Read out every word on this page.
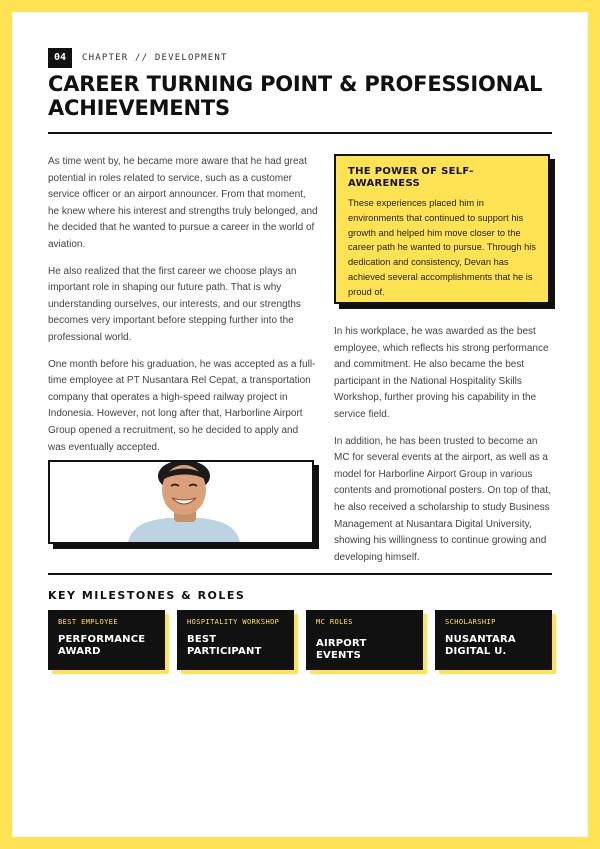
04	CHAPTER // DEVELOPMENT
CAREER TURNING POINT & PROFESSIONAL ACHIEVEMENTS

As time went by, he became more aware that he had great potential in roles related to service, such as a customer service officer or an airport announcer. From that moment, he knew where his interest and strengths truly belonged, and he decided that he wanted to pursue a career in the world of aviation.

He also realized that the first career we choose plays an important role in shaping our future path. That is why understanding ourselves, our interests, and our strengths becomes very important before stepping further into the professional world.

One month before his graduation, he was accepted as a full-time employee at PT Nusantara Rel Cepat, a transportation company that operates a high-speed railway project in Indonesia. However, not long after that, Harborline Airport Group opened a recruitment, so he decided to apply and was eventually accepted.

THE POWER OF SELF-AWARENESS

These experiences placed him in environments that continued to support his growth and helped him move closer to the career path he wanted to pursue. Through his dedication and consistency, Devan has achieved several accomplishments that he is proud of.

In his workplace, he was awarded as the best employee, which reflects his strong performance and commitment. He also became the best participant in the National Hospitality Skills Workshop, further proving his capability in the service field.

In addition, he has been trusted to become an MC for several events at the airport, as well as a model for Harborline Airport Group in various contents and promotional posters. On top of that, he also received a scholarship to study Business Management at Nusantara Digital University, showing his willingness to continue growing and developing himself.

KEY MILESTONES & ROLES
BEST EMPLOYEE
PERFORMANCE AWARD
HOSPITALITY WORKSHOP
BEST PARTICIPANT
MC ROLES
AIRPORT EVENTS
SCHOLARSHIP
NUSANTARA DIGITAL U.
